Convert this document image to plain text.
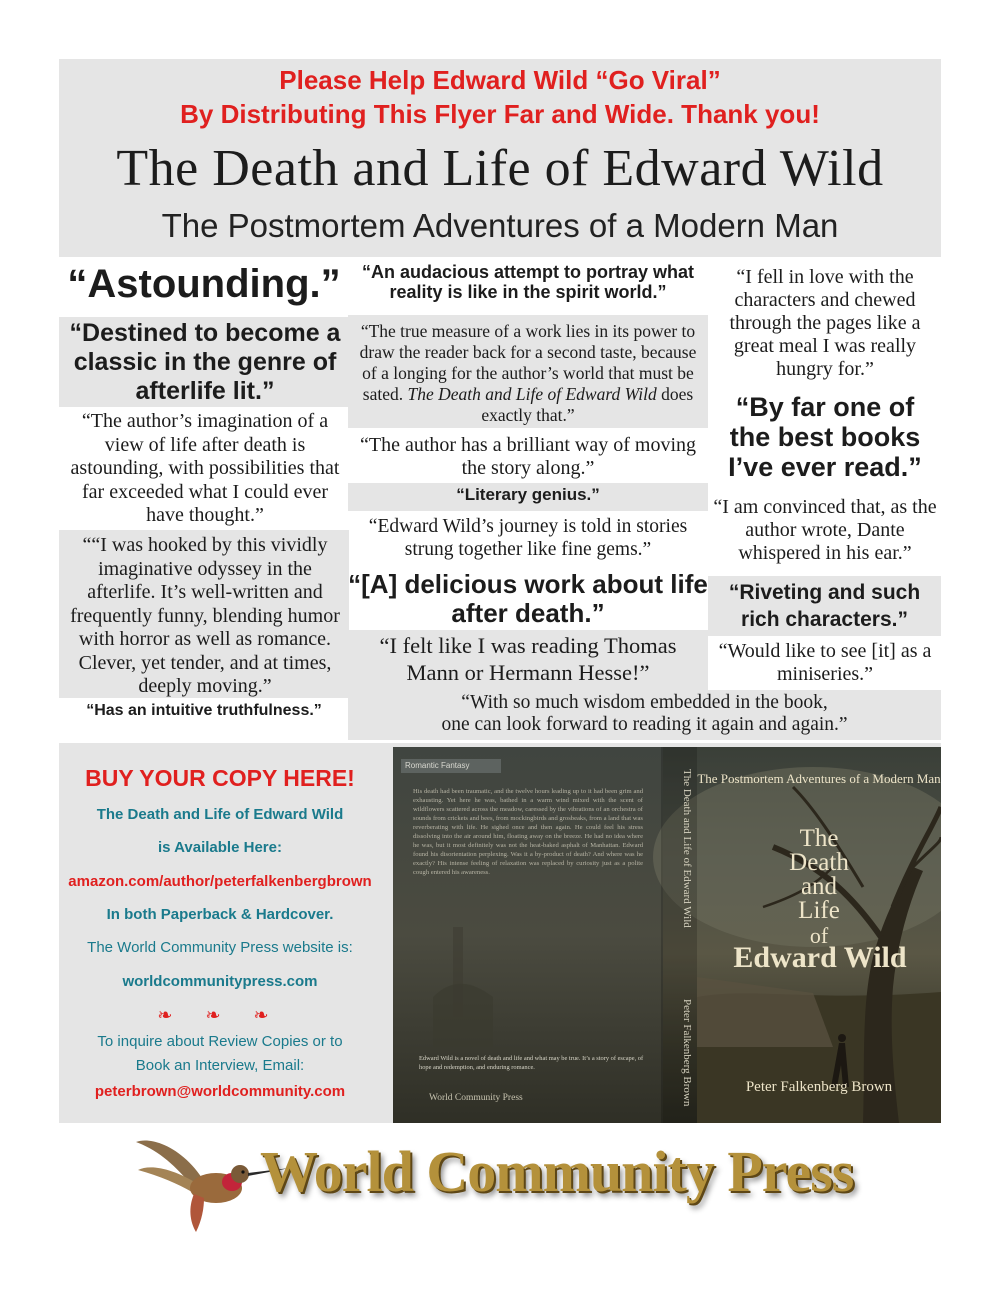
Please Help Edward Wild “Go Viral”
By Distributing This Flyer Far and Wide. Thank you!
The Death and Life of Edward Wild
The Postmortem Adventures of a Modern Man
“Astounding.”
“Destined to become a classic in the genre of afterlife lit.”
“The author’s imagination of a view of life after death is astounding, with possibilities that far exceeded what I could ever have thought.”
““I was hooked by this vividly imaginative odyssey in the afterlife. It’s well-written and frequently funny, blending humor with horror as well as romance. Clever, yet tender, and at times, deeply moving.”
“Has an intuitive truthfulness.”
“An audacious attempt to portray what reality is like in the spirit world.”
“The true measure of a work lies in its power to draw the reader back for a second taste, because of a longing for the author’s world that must be sated. The Death and Life of Edward Wild does exactly that.”
“The author has a brilliant way of moving the story along.”
“Literary genius.”
“Edward Wild’s journey is told in stories strung together like fine gems.”
“[A] delicious work about life after death.”
“I felt like I was reading Thomas Mann or Hermann Hesse!”
“I fell in love with the characters and chewed through the pages like a great meal I was really hungry for.”
“By far one of the best books I’ve ever read.”
“I am convinced that, as the author wrote, Dante whispered in his ear.”
“Riveting and such rich characters.”
“Would like to see [it] as a miniseries.”
“With so much wisdom embedded in the book,
one can look forward to reading it again and again.”
BUY YOUR COPY HERE!
The Death and Life of Edward Wild
is Available Here:
amazon.com/author/peterfalkenbergbrown
In both Paperback & Hardcover.
The World Community Press website is:
worldcommunitypress.com
❧ ❧ ❧
To inquire about Review Copies or to
Book an Interview, Email:
peterbrown@worldcommunity.com
Romantic Fantasy
His death had been traumatic, and the twelve hours leading up to it had been grim and exhausting. Yet here he was, bathed in a warm wind mixed with the scent of wildflowers scattered across the meadow, caressed by the vibrations of an orchestra of sounds from crickets and bees, from mockingbirds and grosbeaks, from a land that was reverberating with life. He sighed once and then again. He could feel his stress dissolving into the air around him, floating away on the breeze. He had no idea where he was, but it most definitely was not the heat-baked asphalt of Manhattan. Edward found his disorientation perplexing. Was it a by-product of death? And where was he exactly? His intense feeling of relaxation was replaced by curiosity just as a polite cough entered his awareness.
Edward Wild is a novel of death and life and what may be true. It’s a story of escape, of hope and redemption, and enduring romance.
World Community Press
The Death and Life of Edward Wild
Peter Falkenberg Brown
The Postmortem Adventures of a Modern Man
The
Death
and
Life
of
Edward Wild
Peter Falkenberg Brown
World Community Press
